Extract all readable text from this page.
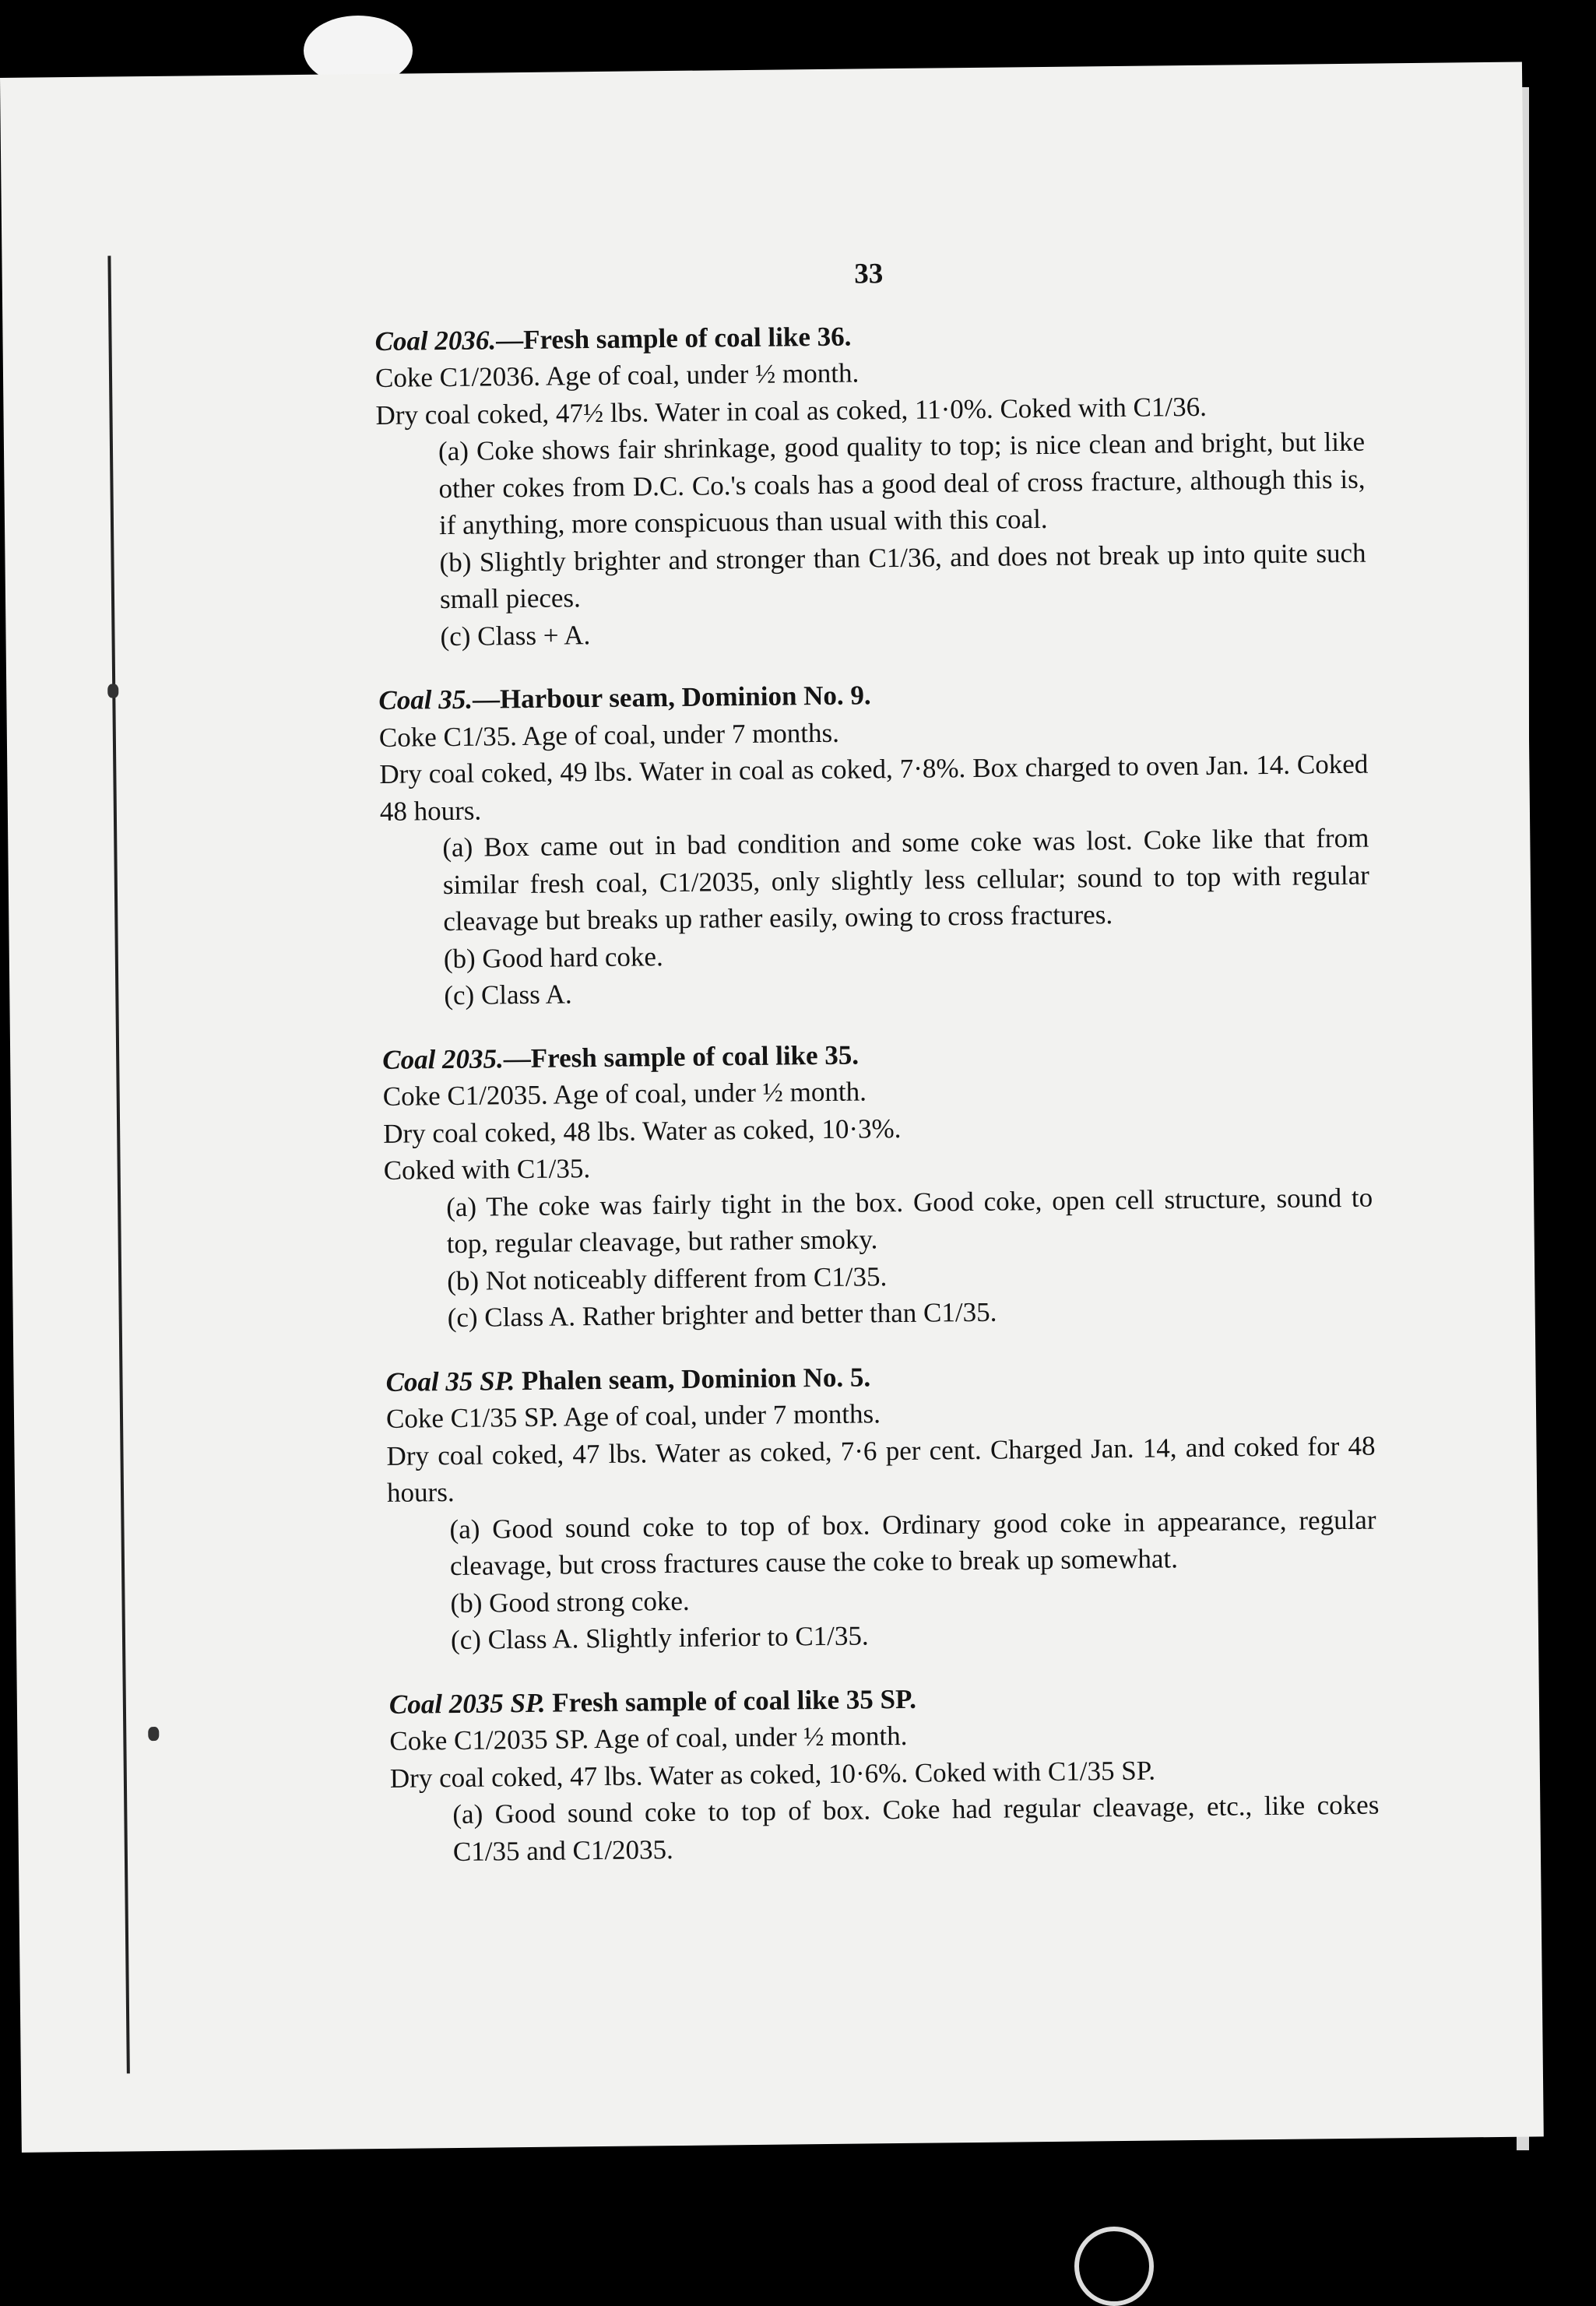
33

Coal 2036.—Fresh sample of coal like 36.

Coke C1/2036. Age of coal, under ½ month.

Dry coal coked, 47½ lbs. Water in coal as coked, 11·0%. Coked with C1/36.

(a) Coke shows fair shrinkage, good quality to top; is nice clean and bright, but like other cokes from D.C. Co.'s coals has a good deal of cross fracture, although this is, if anything, more conspicuous than usual with this coal.

(b) Slightly brighter and stronger than C1/36, and does not break up into quite such small pieces.

(c) Class + A.

Coal 35.—Harbour seam, Dominion No. 9.

Coke C1/35. Age of coal, under 7 months.

Dry coal coked, 49 lbs. Water in coal as coked, 7·8%. Box charged to oven Jan. 14. Coked 48 hours.

(a) Box came out in bad condition and some coke was lost. Coke like that from similar fresh coal, C1/2035, only slightly less cellular; sound to top with regular cleavage but breaks up rather easily, owing to cross fractures.

(b) Good hard coke.

(c) Class A.

Coal 2035.—Fresh sample of coal like 35.

Coke C1/2035. Age of coal, under ½ month.

Dry coal coked, 48 lbs. Water as coked, 10·3%.

Coked with C1/35.

(a) The coke was fairly tight in the box. Good coke, open cell structure, sound to top, regular cleavage, but rather smoky.

(b) Not noticeably different from C1/35.

(c) Class A. Rather brighter and better than C1/35.

Coal 35 SP. Phalen seam, Dominion No. 5.

Coke C1/35 SP. Age of coal, under 7 months.

Dry coal coked, 47 lbs. Water as coked, 7·6 per cent. Charged Jan. 14, and coked for 48 hours.

(a) Good sound coke to top of box. Ordinary good coke in appearance, regular cleavage, but cross fractures cause the coke to break up somewhat.

(b) Good strong coke.

(c) Class A. Slightly inferior to C1/35.

Coal 2035 SP. Fresh sample of coal like 35 SP.

Coke C1/2035 SP. Age of coal, under ½ month.

Dry coal coked, 47 lbs. Water as coked, 10·6%. Coked with C1/35 SP.

(a) Good sound coke to top of box. Coke had regular cleavage, etc., like cokes C1/35 and C1/2035.
